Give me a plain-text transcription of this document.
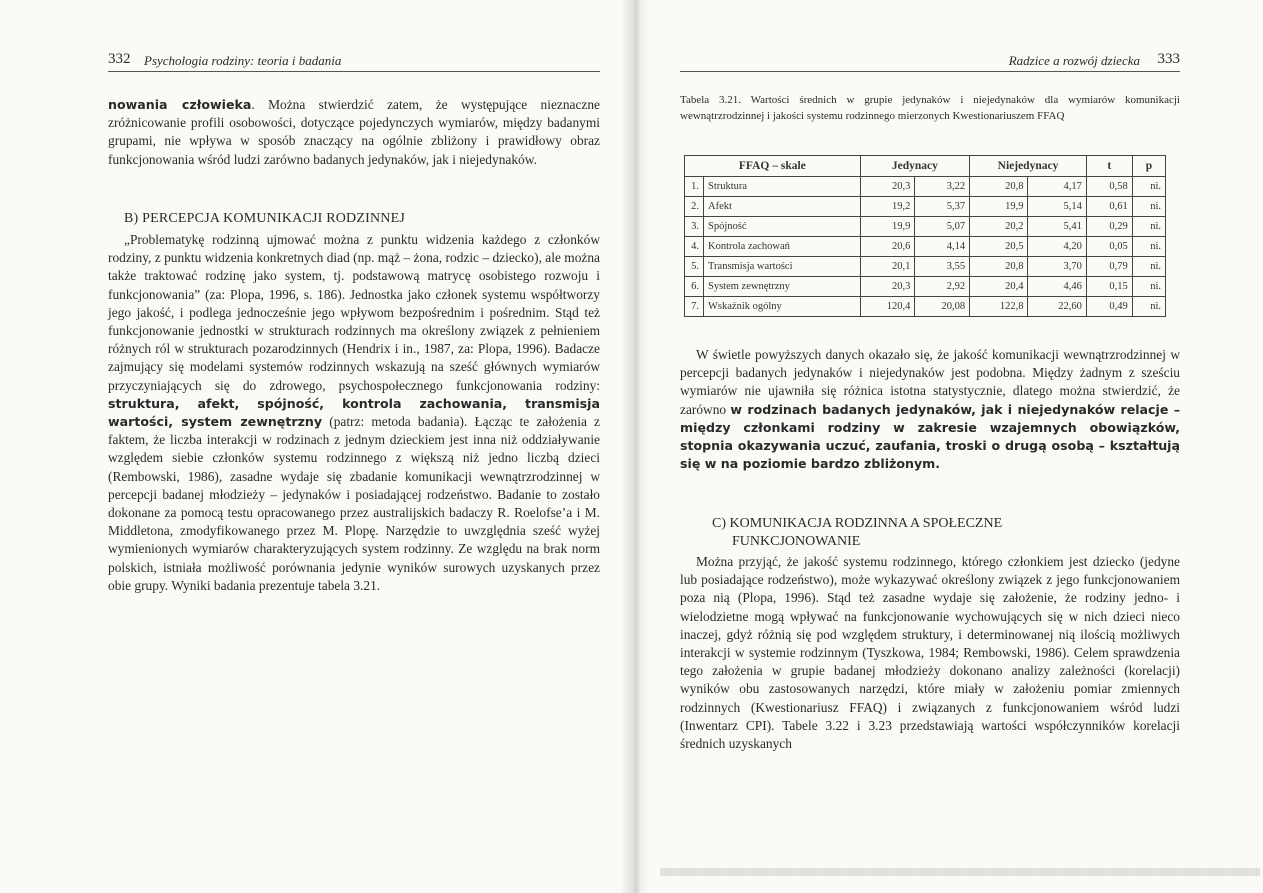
332 Psychologia rodziny: teoria i badania

nowania człowieka. Można stwierdzić zatem, że występujące nieznaczne zróżnicowanie profili osobowości, dotyczące pojedynczych wymiarów, między badanymi grupami, nie wpływa w sposób znaczący na ogólnie zbliżony i prawidłowy obraz funkcjonowania wśród ludzi zarówno badanych jedynaków, jak i niejedynaków.

B) PERCEPCJA KOMUNIKACJI RODZINNEJ

„Problematykę rodzinną ujmować można z punktu widzenia każdego z członków rodziny, z punktu widzenia konkretnych diad (np. mąż – żona, rodzic – dziecko), ale można także traktować rodzinę jako system, tj. podstawową matrycę osobistego rozwoju i funkcjonowania” (za: Plopa, 1996, s. 186). Jednostka jako członek systemu współtworzy jego jakość, i podlega jednocześnie jego wpływom bezpośrednim i pośrednim. Stąd też funkcjonowanie jednostki w strukturach rodzinnych ma określony związek z pełnieniem różnych ról w strukturach pozarodzinnych (Hendrix i in., 1987, za: Plopa, 1996). Badacze zajmujący się modelami systemów rodzinnych wskazują na sześć głównych wymiarów przyczyniających się do zdrowego, psychospołecznego funkcjonowania rodziny: struktura, afekt, spójność, kontrola zachowania, transmisja wartości, system zewnętrzny (patrz: metoda badania). Łącząc te założenia z faktem, że liczba interakcji w rodzinach z jednym dzieckiem jest inna niż oddziaływanie względem siebie członków systemu rodzinnego z większą niż jedno liczbą dzieci (Rembowski, 1986), zasadne wydaje się zbadanie komunikacji wewnątrzrodzinnej w percepcji badanej młodzieży – jedynaków i posiadającej rodzeństwo. Badanie to zostało dokonane za pomocą testu opracowanego przez australijskich badaczy R. Roelofse’a i M. Middletona, zmodyfikowanego przez M. Plopę. Narzędzie to uwzględnia sześć wyżej wymienionych wymiarów charakteryzujących system rodzinny. Ze względu na brak norm polskich, istniała możliwość porównania jedynie wyników surowych uzyskanych przez obie grupy. Wyniki badania prezentuje tabela 3.21.

Radzice a rozwój dziecka 333
Tabela 3.21. Wartości średnich w grupie jedynaków i niejedynaków dla wymiarów komunikacji wewnątrzrodzinnej i jakości systemu rodzinnego mierzonych Kwestionariuszem FFAQ
FFAQ – skale		Jedynacy		Niejedynacy		t	p
1.	Struktura	20,3	3,22	20,8	4,17	0,58	ni.
2.	Afekt	19,2	5,37	19,9	5,14	0,61	ni.
3.	Spójność	19,9	5,07	20,2	5,41	0,29	ni.
4.	Kontrola zachowań	20,6	4,14	20,5	4,20	0,05	ni.
5.	Transmisja wartości	20,1	3,55	20,8	3,70	0,79	ni.
6.	System zewnętrzny	20,3	2,92	20,4	4,46	0,15	ni.
7.	Wskaźnik ogólny	120,4	20,08	122,8	22,60	0,49	ni.

W świetle powyższych danych okazało się, że jakość komunikacji wewnątrzrodzinnej w percepcji badanych jedynaków i niejedynaków jest podobna. Między żadnym z sześciu wymiarów nie ujawniła się różnica istotna statystycznie, dlatego można stwierdzić, że zarówno w rodzinach badanych jedynaków, jak i niejedynaków relacje – między członkami rodziny w zakresie wzajemnych obowiązków, stopnia okazywania uczuć, zaufania, troski o drugą osobą – kształtują się w na poziomie bardzo zbliżonym.

C) KOMUNIKACJA RODZINNA A SPOŁECZNE
FUNKCJONOWANIE

Można przyjąć, że jakość systemu rodzinnego, którego członkiem jest dziecko (jedyne lub posiadające rodzeństwo), może wykazywać określony związek z jego funkcjonowaniem poza nią (Plopa, 1996). Stąd też zasadne wydaje się założenie, że rodziny jedno- i wielodzietne mogą wpływać na funkcjonowanie wychowujących się w nich dzieci nieco inaczej, gdyż różnią się pod względem struktury, i determinowanej nią ilością możliwych interakcji w systemie rodzinnym (Tyszkowa, 1984; Rembowski, 1986). Celem sprawdzenia tego założenia w grupie badanej młodzieży dokonano analizy zależności (korelacji) wyników obu zastosowanych narzędzi, które miały w założeniu pomiar zmiennych rodzinnych (Kwestionariusz FFAQ) i związanych z funkcjonowaniem wśród ludzi (Inwentarz CPI). Tabele 3.22 i 3.23 przedstawiają wartości współczynników korelacji średnich uzyskanych
